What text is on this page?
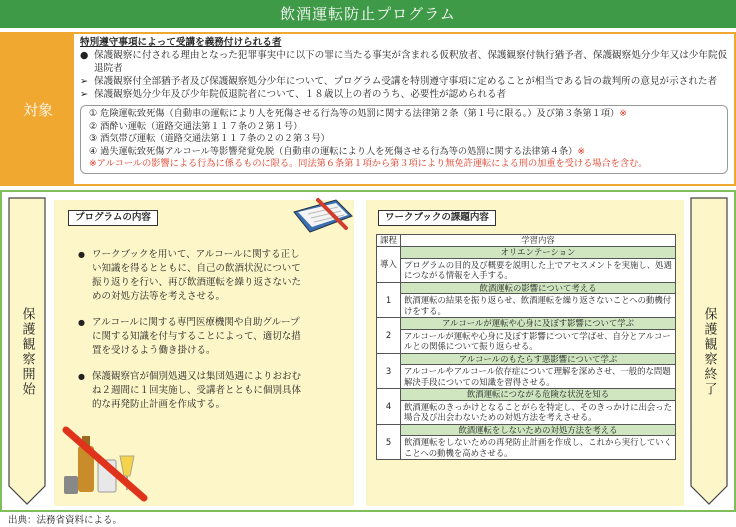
飲酒運転防止プログラム
対象
特別遵守事項によって受講を義務付けられる者
● 保護観察に付される理由となった犯罪事実中に以下の罪に当たる事実が含まれる仮釈放者、保護観察付執行猶予者、保護観察処分少年又は少年院仮退院者
➢ 保護観察付全部猶予者及び保護観察処分少年について、プログラム受講を特別遵守事項に定めることが相当である旨の裁判所の意見が示された者
➢ 保護観察処分少年及び少年院仮退院者について、１８歳以上の者のうち、必要性が認められる者
① 危険運転致死傷（自動車の運転により人を死傷させる行為等の処罰に関する法律第２条（第１号に限る。）及び第３条第１項）※
② 酒酔い運転（道路交通法第１１７条の２第１号）
③ 酒気帯び運転（道路交通法第１１７条の２の２第３号）
④ 過失運転致死傷アルコール等影響発覚免脱（自動車の運転により人を死傷させる行為等の処罰に関する法律第４条）※
※アルコールの影響による行為に係るものに限る。同法第６条第１項から第３項により無免許運転による刑の加重を受ける場合を含む。
保護観察開始
プログラムの内容
● ワークブックを用いて、アルコールに関する正しい知識を得るとともに、自己の飲酒状況について振り返りを行い、再び飲酒運転を繰り返さないための対処方法等を考えさせる。
● アルコールに関する専門医療機関や自助グループに関する知識を付与することによって、適切な措置を受けるよう働き掛ける。
● 保護観察官が個別処遇又は集団処遇によりおおむね２週間に１回実施し、受講者とともに個別具体的な再発防止計画を作成する。
ワークブックの課題内容
課程	学習内容
導入	オリエンテーション
	プログラムの目的及び概要を説明した上でアセスメントを実施し、処遇につながる情報を入手する。
1	飲酒運転の影響について考える
	飲酒運転の結果を振り返らせ、飲酒運転を繰り返さないことへの動機付けをする。
2	アルコールが運転や心身に及ぼす影響について学ぶ
	アルコールが運転や心身に及ぼす影響について学ばせ、自分とアルコールとの関係について振り返らせる。
3	アルコールのもたらす悪影響について学ぶ
	アルコールやアルコール依存症について理解を深めさせ、一般的な問題解決手段についての知識を習得させる。
4	飲酒運転につながる危険な状況を知る
	飲酒運転のきっかけとなることがらを特定し、そのきっかけに出会った場合及び出会わないための対処方法を考えさせる。
5	飲酒運転をしないための対処方法を考える
	飲酒運転をしないための再発防止計画を作成し、これから実行していくことへの動機を高めさせる。
保護観察終了
出典：法務省資料による。
